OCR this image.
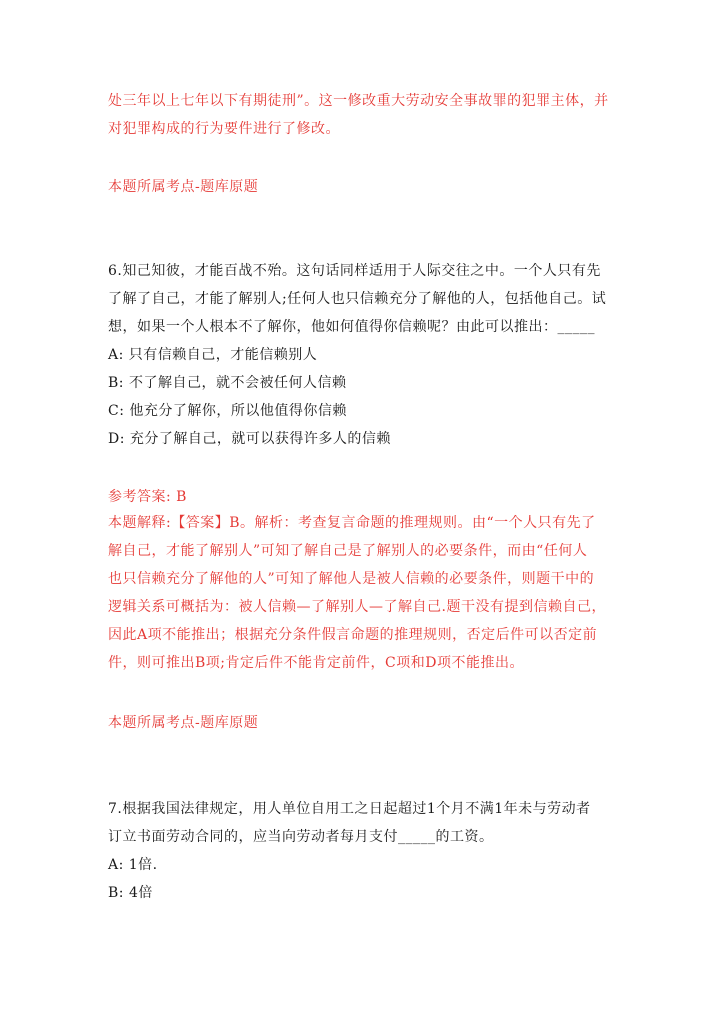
处三年以上七年以下有期徒刑”。这一修改重大劳动安全事故罪的犯罪主体，并
对犯罪构成的行为要件进行了修改。
本题所属考点-题库原题
6.知己知彼，才能百战不殆。这句话同样适用于人际交往之中。一个人只有先
了解了自己，才能了解别人;任何人也只信赖充分了解他的人，包括他自己。试
想，如果一个人根本不了解你，他如何值得你信赖呢？由此可以推出：_____
A: 只有信赖自己，才能信赖别人
B: 不了解自己，就不会被任何人信赖
C: 他充分了解你，所以他值得你信赖
D: 充分了解自己，就可以获得许多人的信赖
参考答案: B
本题解释:【答案】B。解析：考查复言命题的推理规则。由“一个人只有先了
解自己，才能了解别人”可知了解自己是了解别人的必要条件，而由“任何人
也只信赖充分了解他的人”可知了解他人是被人信赖的必要条件，则题干中的
逻辑关系可概括为：被人信赖—了解别人—了解自己.题干没有提到信赖自己，
因此A项不能推出；根据充分条件假言命题的推理规则，否定后件可以否定前
件，则可推出B项;肯定后件不能肯定前件，C项和D项不能推出。
本题所属考点-题库原题
7.根据我国法律规定，用人单位自用工之日起超过1个月不满1年未与劳动者
订立书面劳动合同的，应当向劳动者每月支付_____的工资。
A: 1倍.
B: 4倍
